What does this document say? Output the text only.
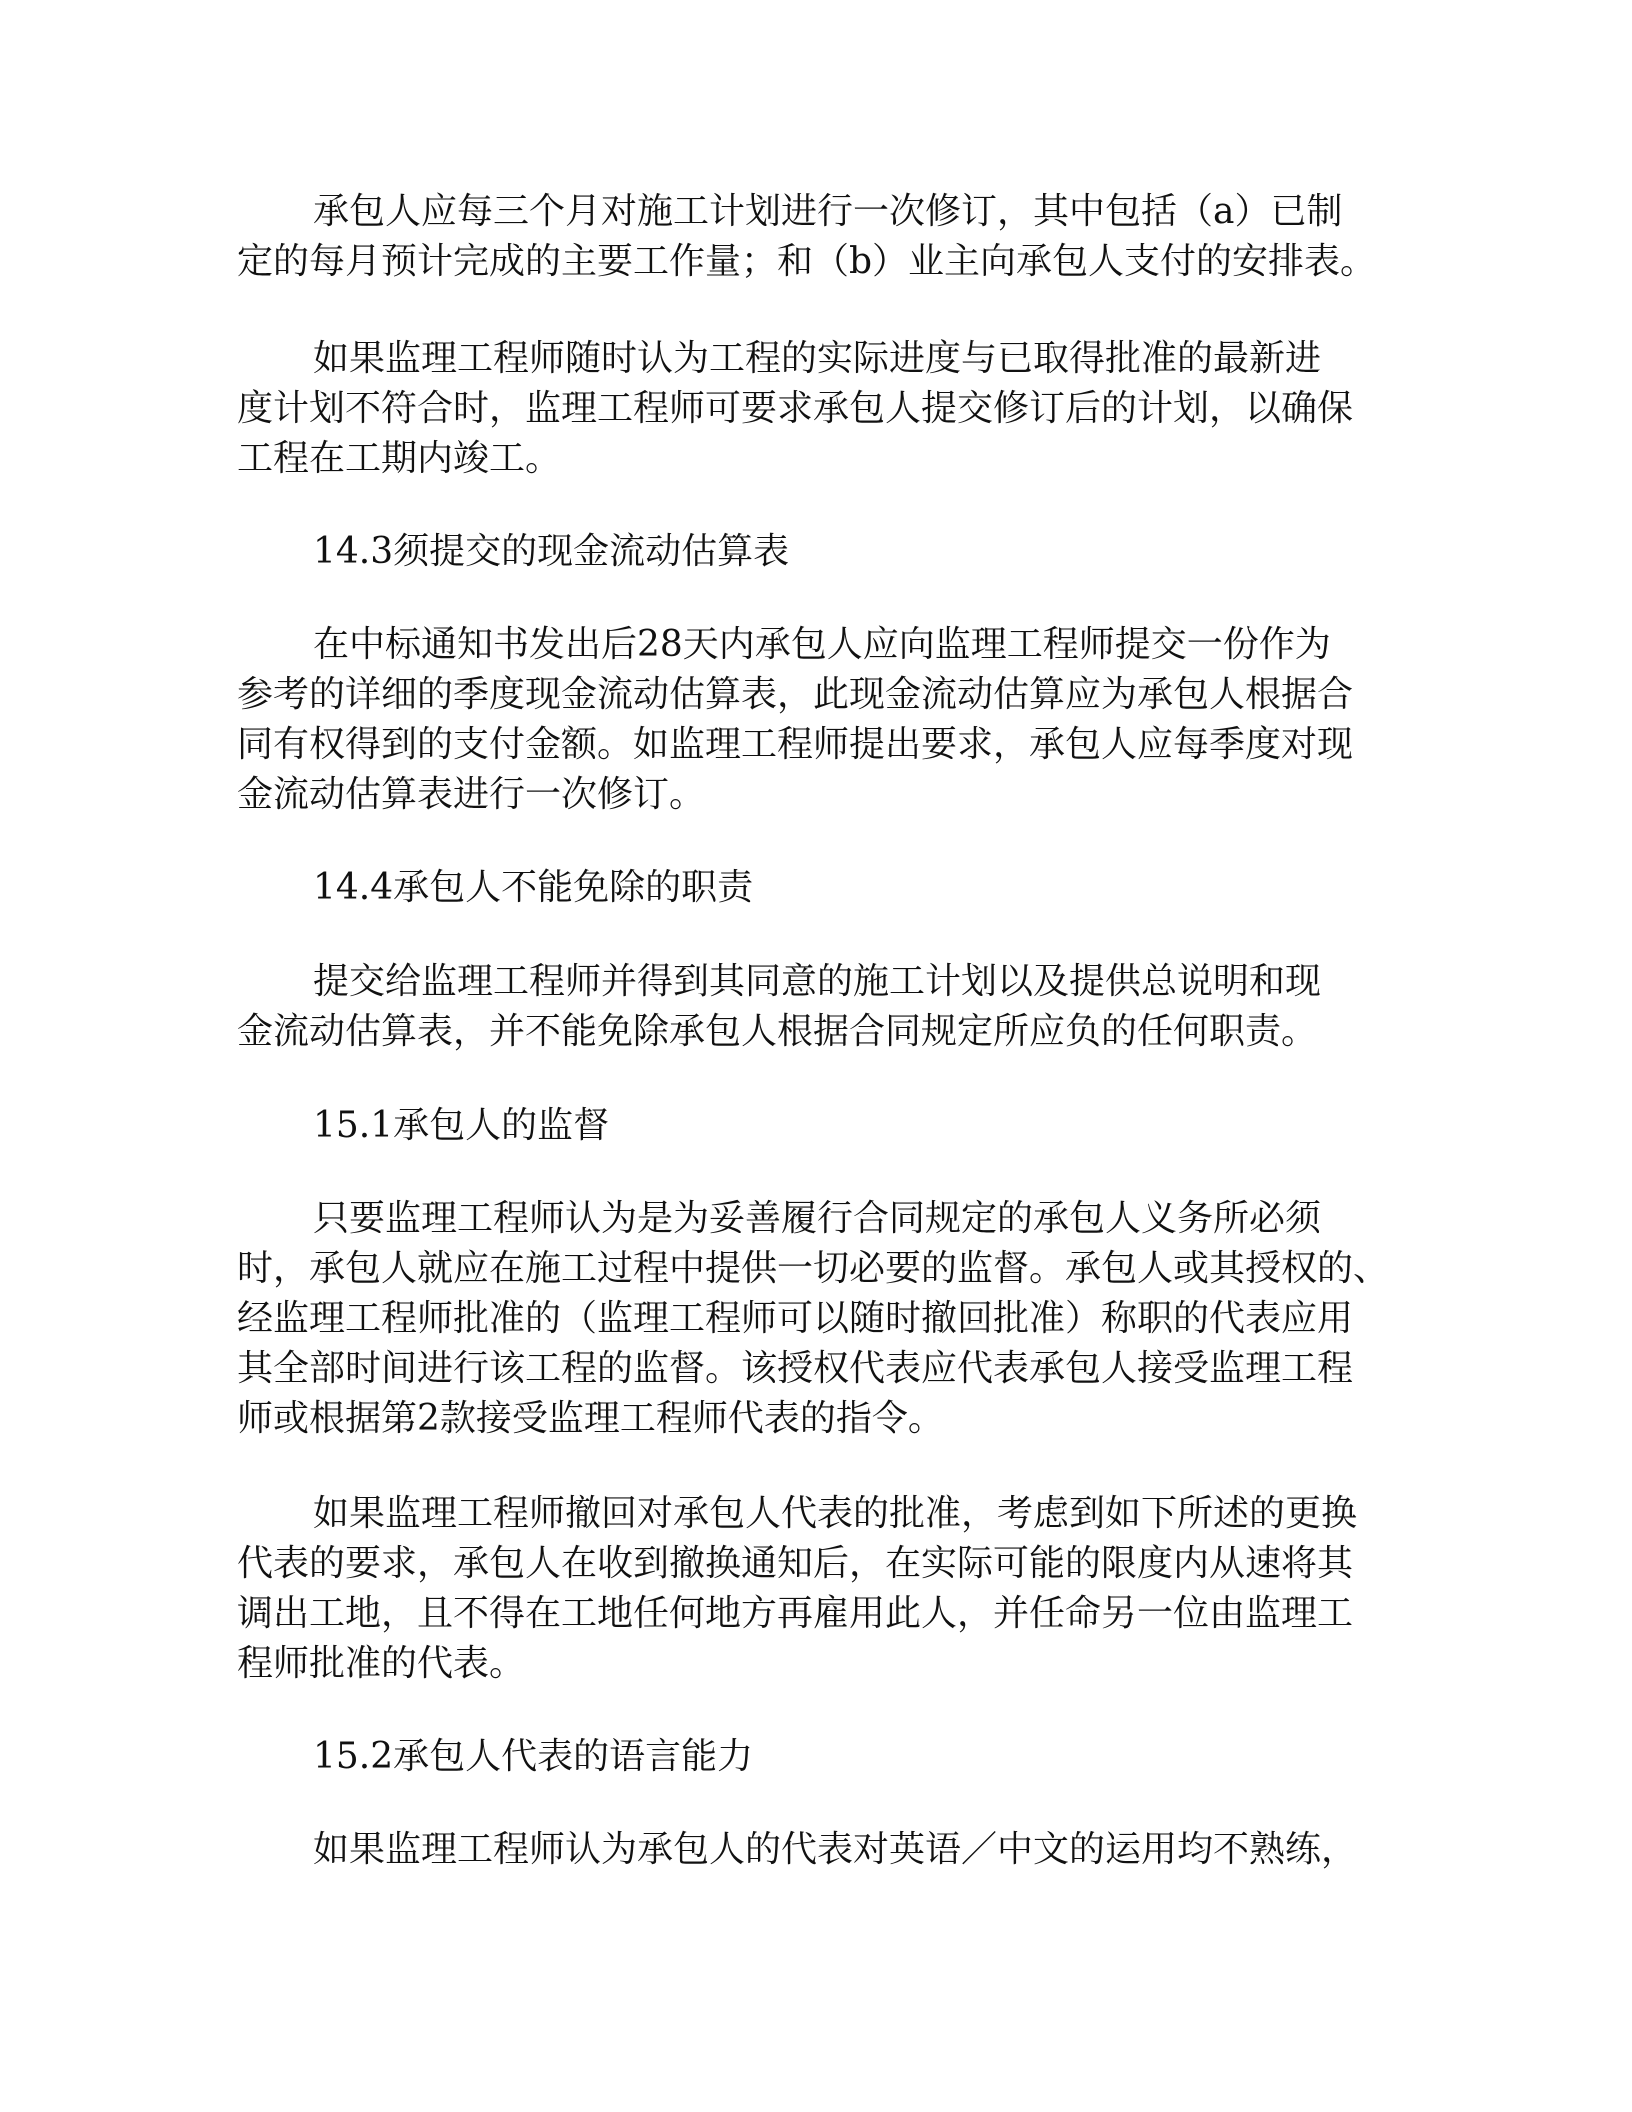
承包人应每三个月对施工计划进行一次修订，其中包括（a）已制
定的每月预计完成的主要工作量；和（b）业主向承包人支付的安排表。
如果监理工程师随时认为工程的实际进度与已取得批准的最新进
度计划不符合时，监理工程师可要求承包人提交修订后的计划，以确保
工程在工期内竣工。
14.3须提交的现金流动估算表
在中标通知书发出后28天内承包人应向监理工程师提交一份作为
参考的详细的季度现金流动估算表，此现金流动估算应为承包人根据合
同有权得到的支付金额。如监理工程师提出要求，承包人应每季度对现
金流动估算表进行一次修订。
14.4承包人不能免除的职责
提交给监理工程师并得到其同意的施工计划以及提供总说明和现
金流动估算表，并不能免除承包人根据合同规定所应负的任何职责。
15.1承包人的监督
只要监理工程师认为是为妥善履行合同规定的承包人义务所必须
时，承包人就应在施工过程中提供一切必要的监督。承包人或其授权的、
经监理工程师批准的（监理工程师可以随时撤回批准）称职的代表应用
其全部时间进行该工程的监督。该授权代表应代表承包人接受监理工程
师或根据第2款接受监理工程师代表的指令。
如果监理工程师撤回对承包人代表的批准，考虑到如下所述的更换
代表的要求，承包人在收到撤换通知后，在实际可能的限度内从速将其
调出工地，且不得在工地任何地方再雇用此人，并任命另一位由监理工
程师批准的代表。
15.2承包人代表的语言能力
如果监理工程师认为承包人的代表对英语／中文的运用均不熟练，
